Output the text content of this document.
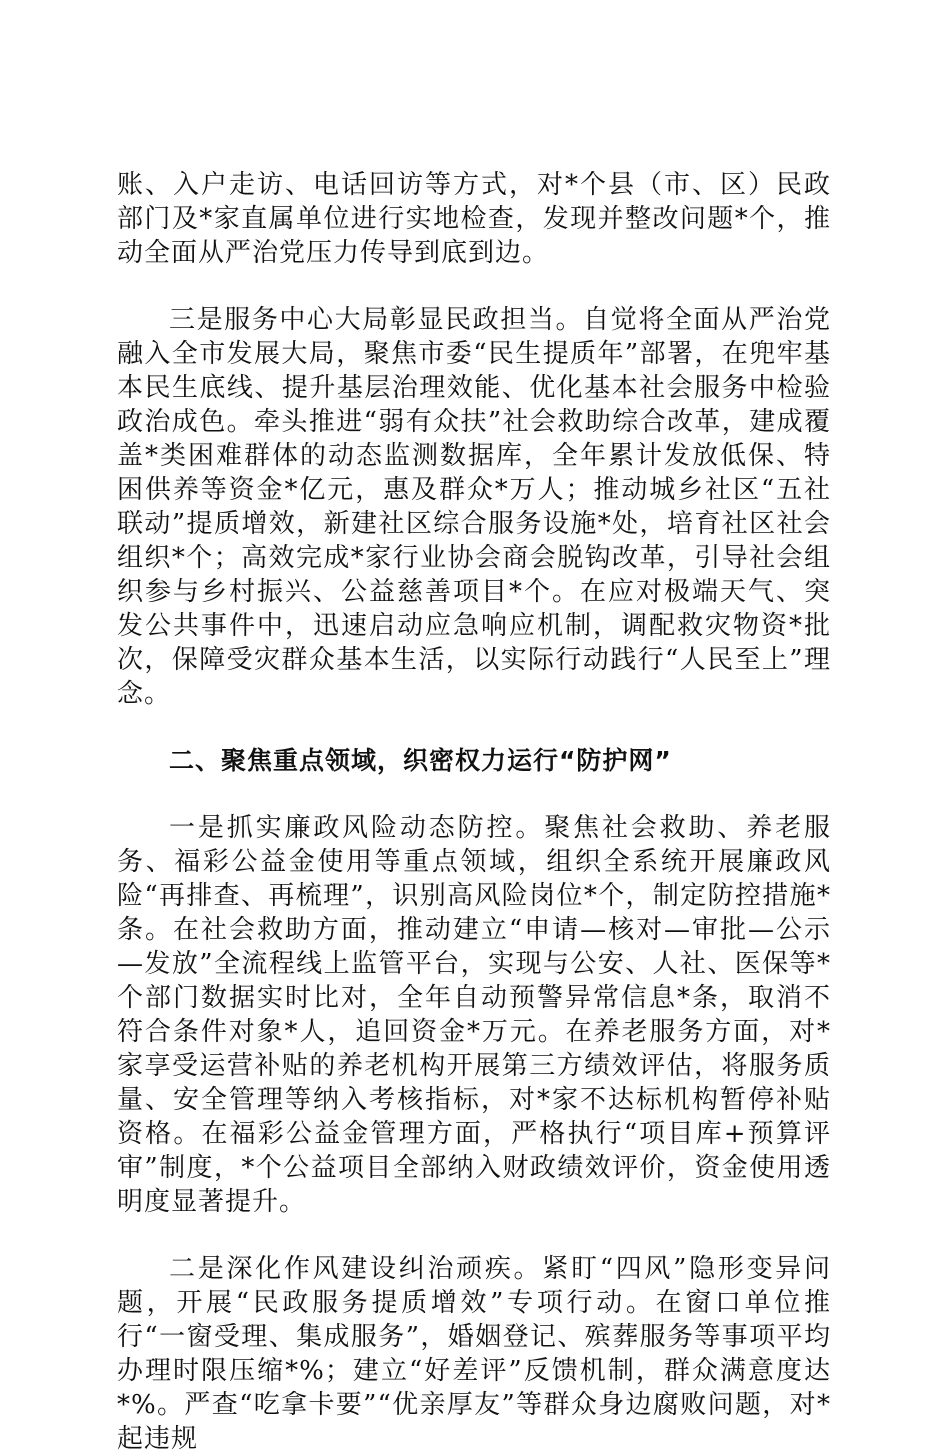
账、入户走访、电话回访等方式，对*个县（市、区）民政部门及*家直属单位进行实地检查，发现并整改问题*个，推动全面从严治党压力传导到底到边。

三是服务中心大局彰显民政担当。自觉将全面从严治党融入全市发展大局，聚焦市委“民生提质年”部署，在兜牢基本民生底线、提升基层治理效能、优化基本社会服务中检验政治成色。牵头推进“弱有众扶”社会救助综合改革，建成覆盖*类困难群体的动态监测数据库，全年累计发放低保、特困供养等资金*亿元，惠及群众*万人；推动城乡社区“五社联动”提质增效，新建社区综合服务设施*处，培育社区社会组织*个；高效完成*家行业协会商会脱钩改革，引导社会组织参与乡村振兴、公益慈善项目*个。在应对极端天气、突发公共事件中，迅速启动应急响应机制，调配救灾物资*批次，保障受灾群众基本生活，以实际行动践行“人民至上”理念。

二、聚焦重点领域，织密权力运行“防护网”

一是抓实廉政风险动态防控。聚焦社会救助、养老服务、福彩公益金使用等重点领域，组织全系统开展廉政风险“再排查、再梳理”，识别高风险岗位*个，制定防控措施*条。在社会救助方面，推动建立“申请—核对—审批—公示—发放”全流程线上监管平台，实现与公安、人社、医保等*个部门数据实时比对，全年自动预警异常信息*条，取消不符合条件对象*人，追回资金*万元。在养老服务方面，对*家享受运营补贴的养老机构开展第三方绩效评估，将服务质量、安全管理等纳入考核指标，对*家不达标机构暂停补贴资格。在福彩公益金管理方面，严格执行“项目库+预算评审”制度，*个公益项目全部纳入财政绩效评价，资金使用透明度显著提升。

二是深化作风建设纠治顽疾。紧盯“四风”隐形变异问题，开展“民政服务提质增效”专项行动。在窗口单位推行“一窗受理、集成服务”，婚姻登记、殡葬服务等事项平均办理时限压缩*%；建立“好差评”反馈机制，群众满意度达*%。严查“吃拿卡要”“优亲厚友”等群众身边腐败问题，对*起违规
